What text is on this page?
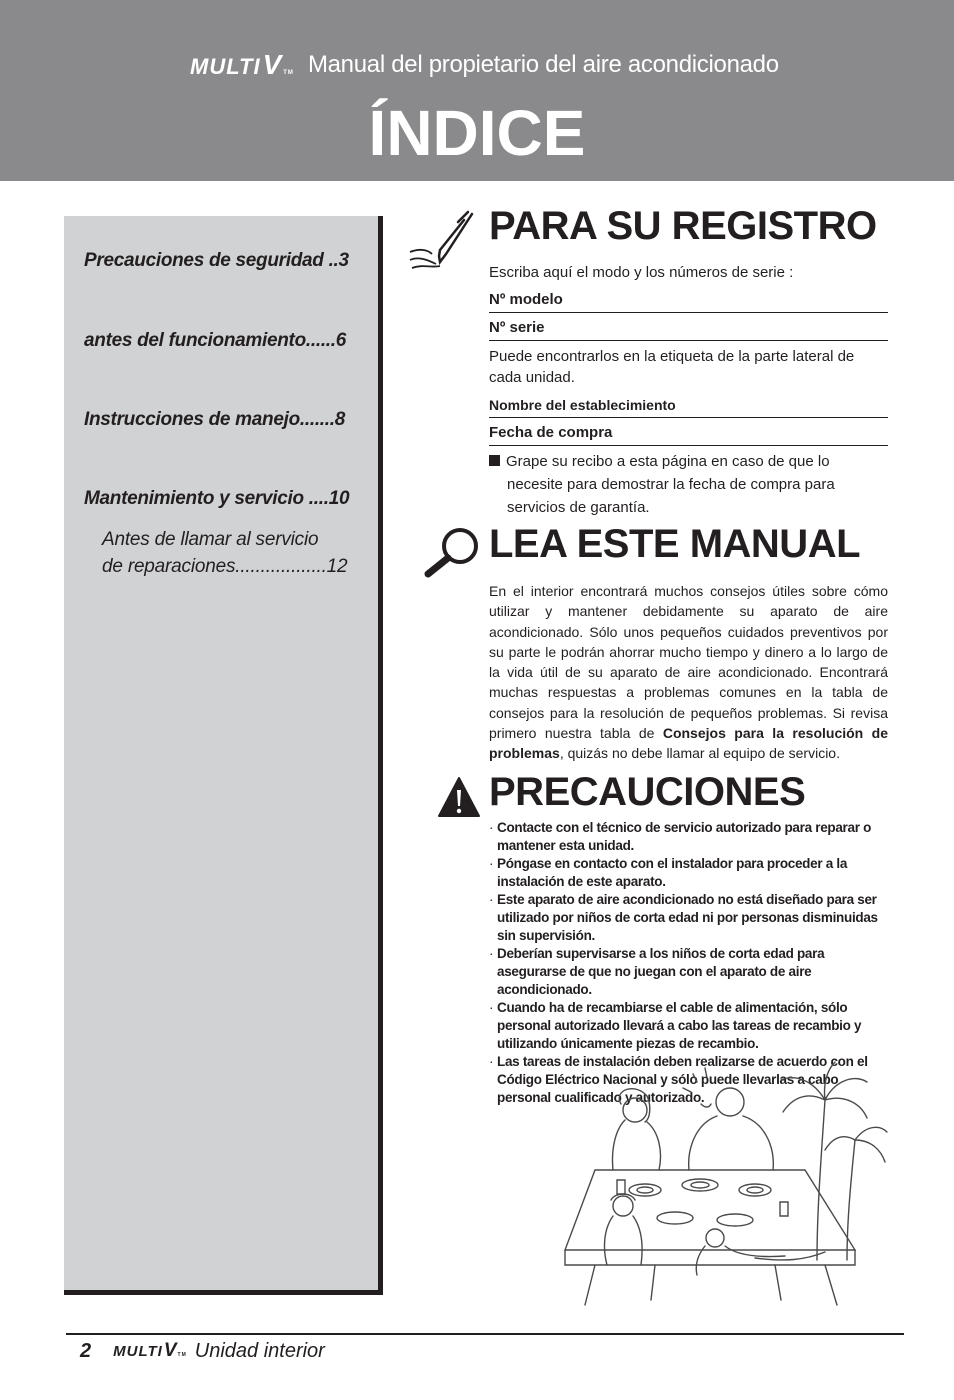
MULTI V TM Manual del propietario del aire acondicionado
ÍNDICE
Precauciones de seguridad ..3
antes del funcionamiento......6
Instrucciones de manejo.......8
Mantenimiento y servicio ....10
Antes de llamar al servicio
de reparaciones..................12
PARA SU REGISTRO
Escriba aquí el modo y los números de serie :
Nº modelo
Nº serie
Puede encontrarlos en la etiqueta de la parte lateral de cada unidad.
Nombre del establecimiento
Fecha de compra
Grape su recibo a esta página en caso de que lo
necesite para demostrar la fecha de compra para
servicios de garantía.
LEA ESTE MANUAL
En el interior encontrará muchos consejos útiles sobre cómo utilizar y mantener debidamente su aparato de aire acondicionado. Sólo unos pequeños cuidados preventivos por su parte le podrán ahorrar mucho tiempo y dinero a lo largo de la vida útil de su aparato de aire acondicionado. Encontrará muchas respuestas a problemas comunes en la tabla de consejos para la resolución de pequeños problemas. Si revisa primero nuestra tabla de Consejos para la resolución de problemas, quizás no debe llamar al equipo de servicio.
PRECAUCIONES
· Contacte con el técnico de servicio autorizado para reparar o mantener esta unidad.
· Póngase en contacto con el instalador para proceder a la instalación de este aparato.
· Este aparato de aire acondicionado no está diseñado para ser utilizado por niños de corta edad ni por personas disminuidas sin supervisión.
· Deberían supervisarse a los niños de corta edad para asegurarse de que no juegan con el aparato de aire acondicionado.
· Cuando ha de recambiarse el cable de alimentación, sólo personal autorizado llevará a cabo las tareas de recambio y utilizando únicamente piezas de recambio.
· Las tareas de instalación deben realizarse de acuerdo con el Código Eléctrico Nacional y sólo puede llevarlas a cabo personal cualificado y autorizado.
2 MULTI V TM Unidad interior
